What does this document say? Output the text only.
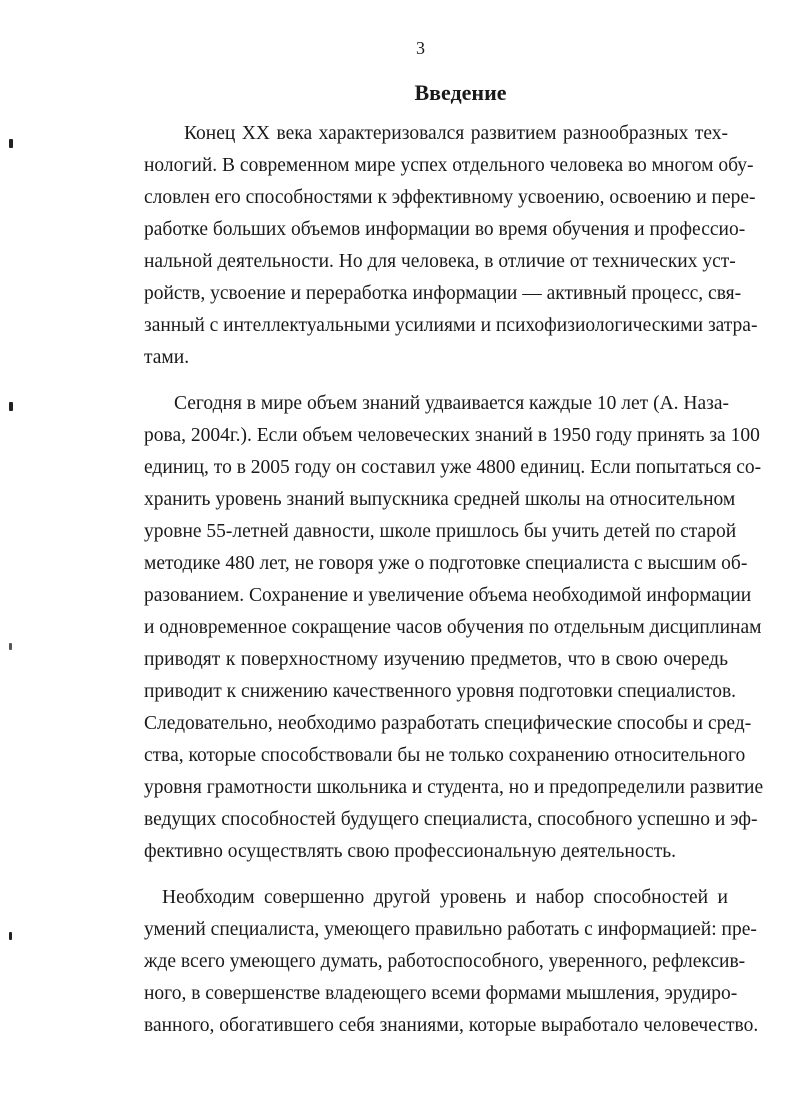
3
Введение

Конец XX века характеризовался развитием разнообразных тех-
нологий. В современном мире успех отдельного человека во многом обу-
словлен его способностями к эффективному усвоению, освоению и пере-
работке больших объемов информации во время обучения и профессио-
нальной деятельности. Но для человека, в отличие от технических уст-
ройств, усвоение и переработка информации — активный процесс, свя-
занный с интеллектуальными усилиями и психофизиологическими затра-
тами.

Сегодня в мире объем знаний удваивается каждые 10 лет (А. Наза-
рова, 2004г.). Если объем человеческих знаний в 1950 году принять за 100
единиц, то в 2005 году он составил уже 4800 единиц. Если попытаться со-
хранить уровень знаний выпускника средней школы на относительном
уровне 55-летней давности, школе пришлось бы учить детей по старой
методике 480 лет, не говоря уже о подготовке специалиста с высшим об-
разованием. Сохранение и увеличение объема необходимой информации
и одновременное сокращение часов обучения по отдельным дисциплинам
приводят к поверхностному изучению предметов, что в свою очередь
приводит к снижению качественного уровня подготовки специалистов.
Следовательно, необходимо разработать специфические способы и сред-
ства, которые способствовали бы не только сохранению относительного
уровня грамотности школьника и студента, но и предопределили развитие
ведущих способностей будущего специалиста, способного успешно и эф-
фективно осуществлять свою профессиональную деятельность.

Необходим совершенно другой уровень и набор способностей и
умений специалиста, умеющего правильно работать с информацией: пре-
жде всего умеющего думать, работоспособного, уверенного, рефлексив-
ного, в совершенстве владеющего всеми формами мышления, эрудиро-
ванного, обогатившего себя знаниями, которые выработало человечество.
